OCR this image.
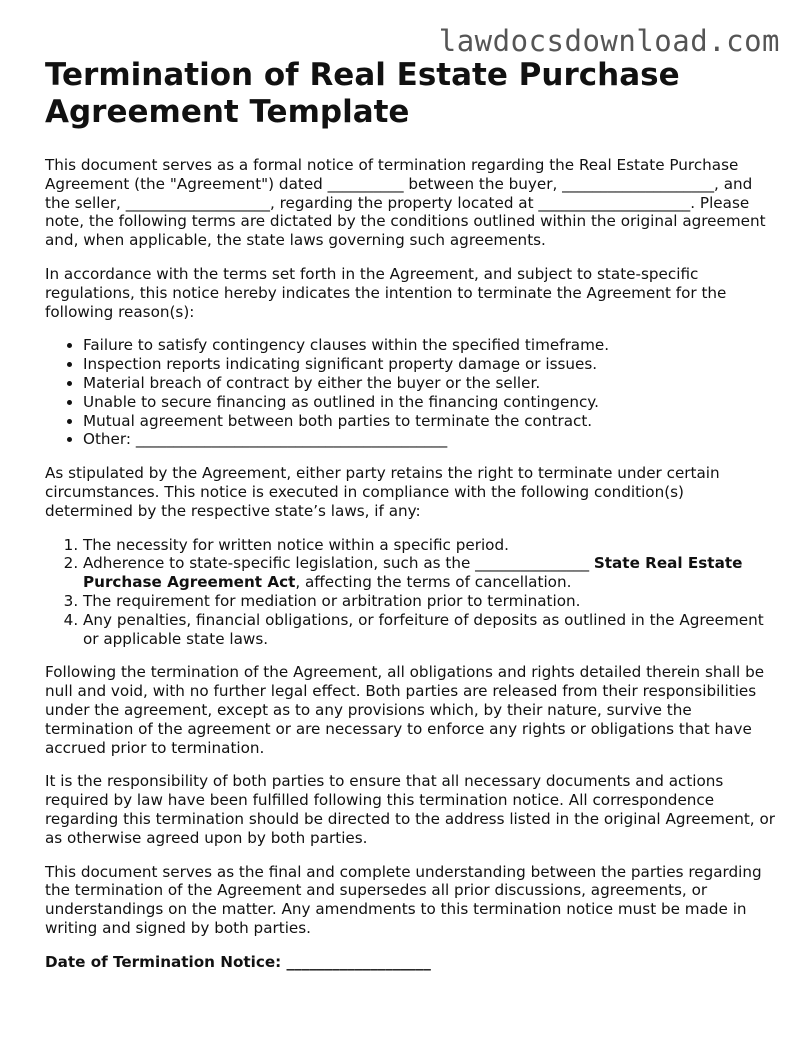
lawdocsdownload.com
Termination of Real Estate Purchase Agreement Template

This document serves as a formal notice of termination regarding the Real Estate Purchase Agreement (the "Agreement") dated __________ between the buyer, ____________________, and the seller, ___________________, regarding the property located at ____________________. Please note, the following terms are dictated by the conditions outlined within the original agreement and, when applicable, the state laws governing such agreements.

In accordance with the terms set forth in the Agreement, and subject to state-specific regulations, this notice hereby indicates the intention to terminate the Agreement for the following reason(s):

• Failure to satisfy contingency clauses within the specified timeframe.
• Inspection reports indicating significant property damage or issues.
• Material breach of contract by either the buyer or the seller.
• Unable to secure financing as outlined in the financing contingency.
• Mutual agreement between both parties to terminate the contract.
• Other: _________________________________________

As stipulated by the Agreement, either party retains the right to terminate under certain circumstances. This notice is executed in compliance with the following condition(s) determined by the respective state’s laws, if any:

1. The necessity for written notice within a specific period.
2. Adherence to state-specific legislation, such as the _______________ State Real Estate Purchase Agreement Act, affecting the terms of cancellation.
3. The requirement for mediation or arbitration prior to termination.
4. Any penalties, financial obligations, or forfeiture of deposits as outlined in the Agreement or applicable state laws.

Following the termination of the Agreement, all obligations and rights detailed therein shall be null and void, with no further legal effect. Both parties are released from their responsibilities under the agreement, except as to any provisions which, by their nature, survive the termination of the agreement or are necessary to enforce any rights or obligations that have accrued prior to termination.

It is the responsibility of both parties to ensure that all necessary documents and actions required by law have been fulfilled following this termination notice. All correspondence regarding this termination should be directed to the address listed in the original Agreement, or as otherwise agreed upon by both parties.

This document serves as the final and complete understanding between the parties regarding the termination of the Agreement and supersedes all prior discussions, agreements, or understandings on the matter. Any amendments to this termination notice must be made in writing and signed by both parties.

Date of Termination Notice: ___________________
